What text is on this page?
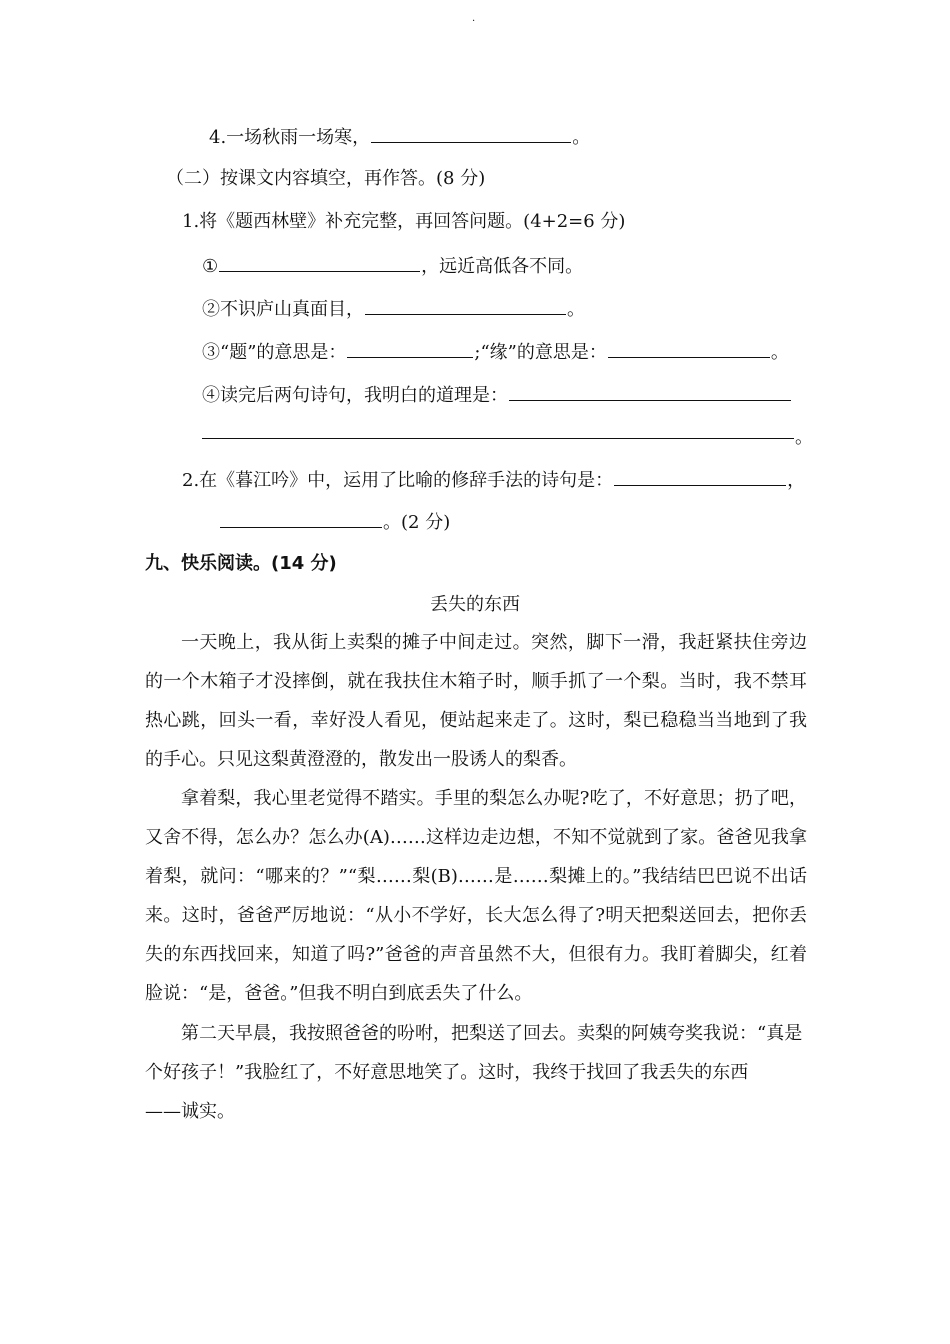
.
4.一场秋雨一场寒，	。
（二）按课文内容填空，再作答。(8 分)
1.将《题西林壁》补充完整，再回答问题。(4+2=6 分)
①	，远近高低各不同。
②不识庐山真面目，	。
③“题”的意思是：	;“缘”的意思是：	。
④读完后两句诗句，我明白的道理是：
。
2.在《暮江吟》中，运用了比喻的修辞手法的诗句是：	，
。(2 分)
九、快乐阅读。(14 分)
丢失的东西

一天晚上，我从街上卖梨的摊子中间走过。突然，脚下一滑，我赶紧扶住旁边的一个木箱子才没摔倒，就在我扶住木箱子时，顺手抓了一个梨。当时，我不禁耳热心跳，回头一看，幸好没人看见，便站起来走了。这时，梨已稳稳当当地到了我的手心。只见这梨黄澄澄的，散发出一股诱人的梨香。

拿着梨，我心里老觉得不踏实。手里的梨怎么办呢?吃了，不好意思；扔了吧，又舍不得，怎么办？怎么办(A)……这样边走边想，不知不觉就到了家。爸爸见我拿着梨，就问：“哪来的？”“梨……梨(B)……是……梨摊上的。”我结结巴巴说不出话来。这时，爸爸严厉地说：“从小不学好，长大怎么得了?明天把梨送回去，把你丢失的东西找回来，知道了吗?”爸爸的声音虽然不大，但很有力。我盯着脚尖，红着脸说：“是，爸爸。”但我不明白到底丢失了什么。

第二天早晨，我按照爸爸的吩咐，把梨送了回去。卖梨的阿姨夸奖我说：“真是
个好孩子！”我脸红了，不好意思地笑了。这时，我终于找回了我丢失的东西
——诚实。
